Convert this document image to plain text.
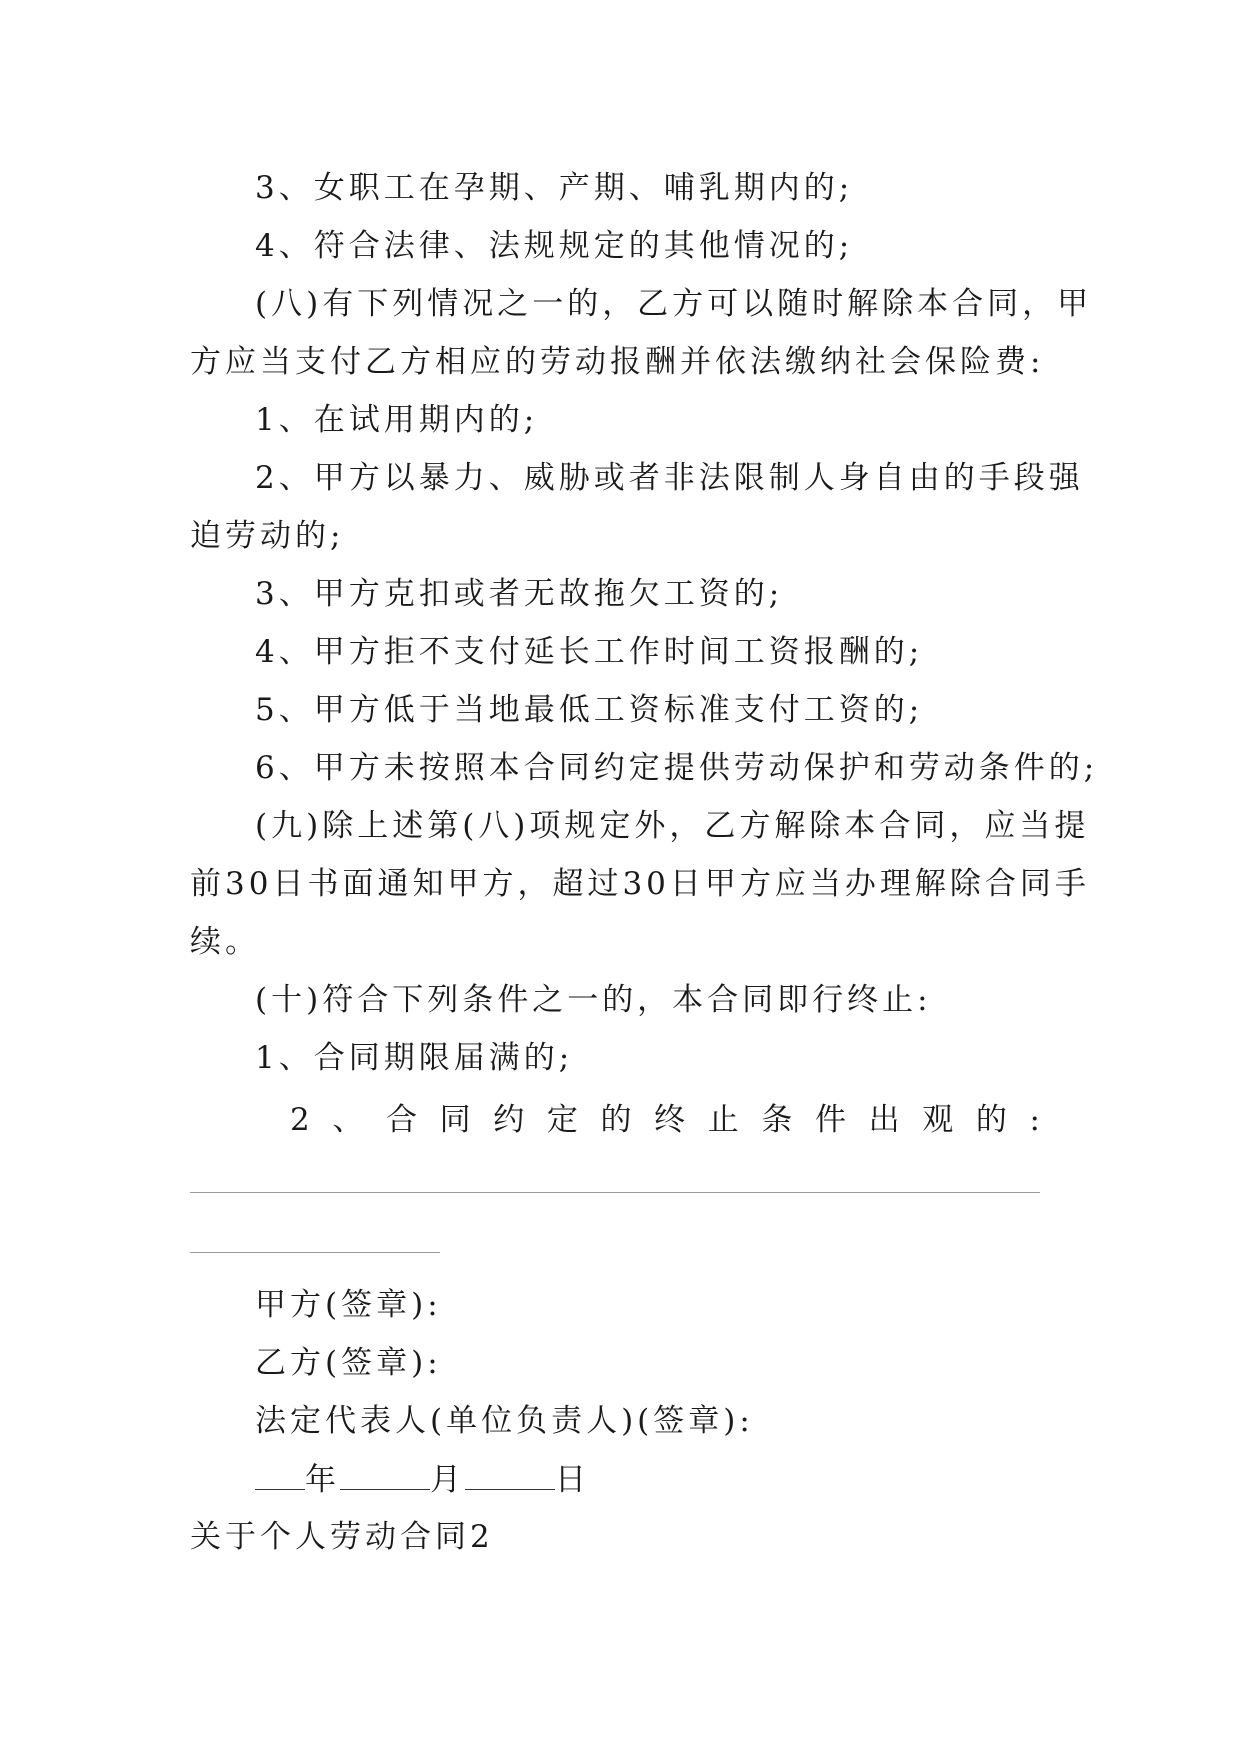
3、女职工在孕期、产期、哺乳期内的;
4、符合法律、法规规定的其他情况的;
(八)有下列情况之一的，乙方可以随时解除本合同，甲
方应当支付乙方相应的劳动报酬并依法缴纳社会保险费:
1、在试用期内的;
2、甲方以暴力、威胁或者非法限制人身自由的手段强
迫劳动的;
3、甲方克扣或者无故拖欠工资的;
4、甲方拒不支付延长工作时间工资报酬的;
5、甲方低于当地最低工资标准支付工资的;
6、甲方未按照本合同约定提供劳动保护和劳动条件的;
(九)除上述第(八)项规定外，乙方解除本合同，应当提
前30日书面通知甲方，超过30日甲方应当办理解除合同手
续。
(十)符合下列条件之一的，本合同即行终止:
1、合同期限届满的;
2 、 合 同 约 定 的 终 止 条 件 出 观 的 :
甲方(签章):
乙方(签章):
法定代表人(单位负责人)(签章):
年	月	日
关于个人劳动合同2
